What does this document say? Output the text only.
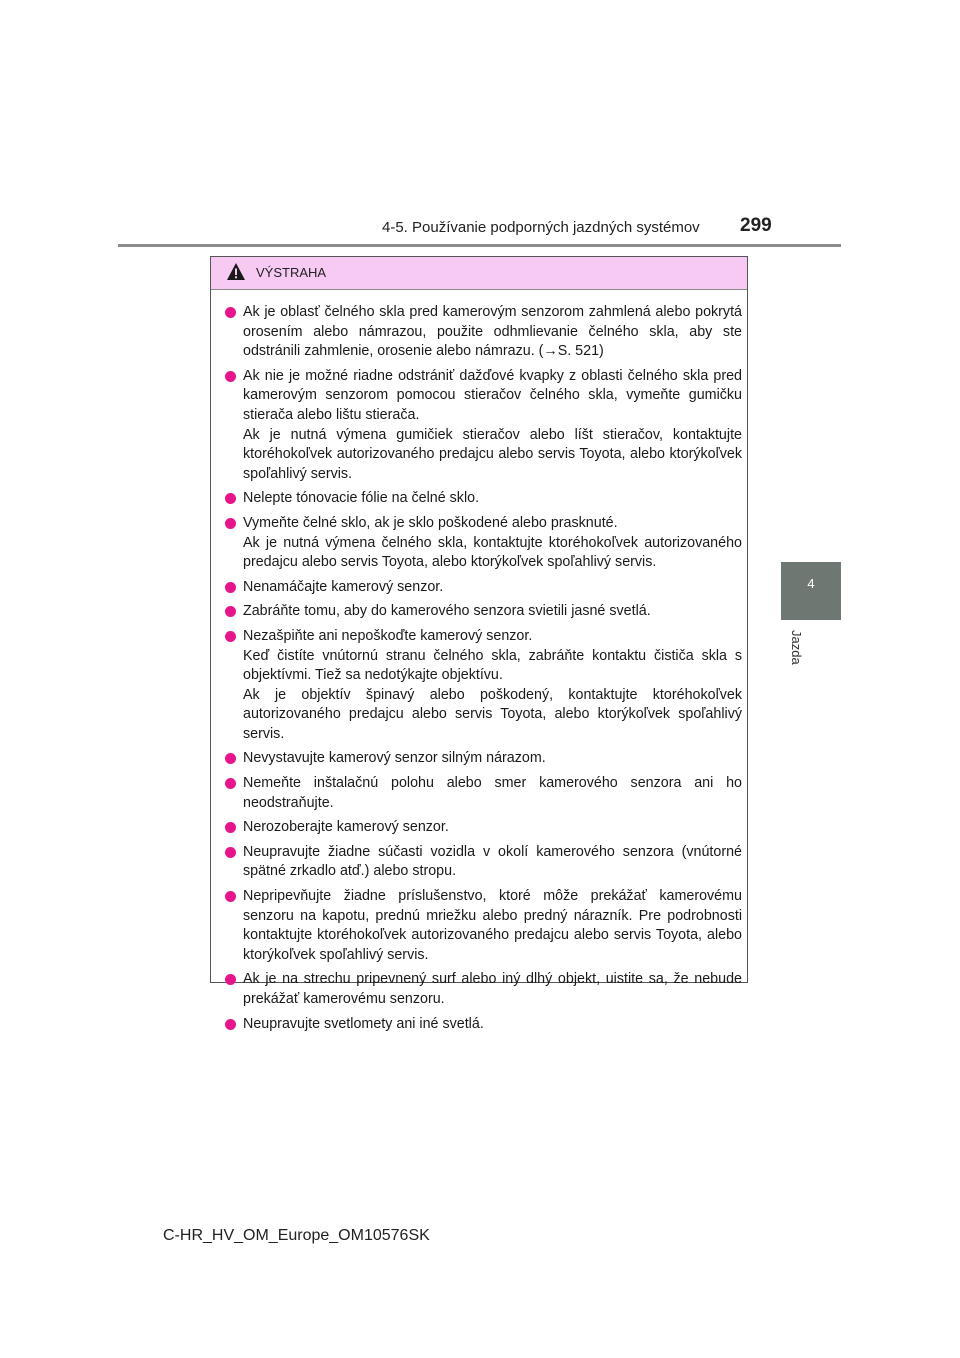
4-5. Používanie podporných jazdných systémov 299
4
Jazda
VÝSTRAHA

Ak je oblasť čelného skla pred kamerovým senzorom zahmlená alebo pokrytá orosením alebo námrazou, použite odhmlievanie čelného skla, aby ste odstránili zahmlenie, orosenie alebo námrazu. (→S. 521)

Ak nie je možné riadne odstrániť dažďové kvapky z oblasti čelného skla pred kamerovým senzorom pomocou stieračov čelného skla, vymeňte gumičku stierača alebo lištu stierača.

Ak je nutná výmena gumičiek stieračov alebo líšt stieračov, kontaktujte ktoréhokoľvek autorizovaného predajcu alebo servis Toyota, alebo ktorýkoľvek spoľahlivý servis.

Nelepte tónovacie fólie na čelné sklo.

Vymeňte čelné sklo, ak je sklo poškodené alebo prasknuté.

Ak je nutná výmena čelného skla, kontaktujte ktoréhokoľvek autorizovaného predajcu alebo servis Toyota, alebo ktorýkoľvek spoľahlivý servis.

Nenamáčajte kamerový senzor.

Zabráňte tomu, aby do kamerového senzora svietili jasné svetlá.

Nezašpiňte ani nepoškoďte kamerový senzor.

Keď čistíte vnútornú stranu čelného skla, zabráňte kontaktu čističa skla s objektívmi. Tiež sa nedotýkajte objektívu.

Ak je objektív špinavý alebo poškodený, kontaktujte ktoréhokoľvek autorizovaného predajcu alebo servis Toyota, alebo ktorýkoľvek spoľahlivý servis.

Nevystavujte kamerový senzor silným nárazom.

Nemeňte inštalačnú polohu alebo smer kamerového senzora ani ho neodstraňujte.

Nerozoberajte kamerový senzor.

Neupravujte žiadne súčasti vozidla v okolí kamerového senzora (vnútorné spätné zrkadlo atď.) alebo stropu.

Nepripevňujte žiadne príslušenstvo, ktoré môže prekážať kamerovému senzoru na kapotu, prednú mriežku alebo predný nárazník. Pre podrobnosti kontaktujte ktoréhokoľvek autorizovaného predajcu alebo servis Toyota, alebo ktorýkoľvek spoľahlivý servis.

Ak je na strechu pripevnený surf alebo iný dlhý objekt, uistite sa, že nebude prekážať kamerovému senzoru.

Neupravujte svetlomety ani iné svetlá.

C-HR_HV_OM_Europe_OM10576SK
